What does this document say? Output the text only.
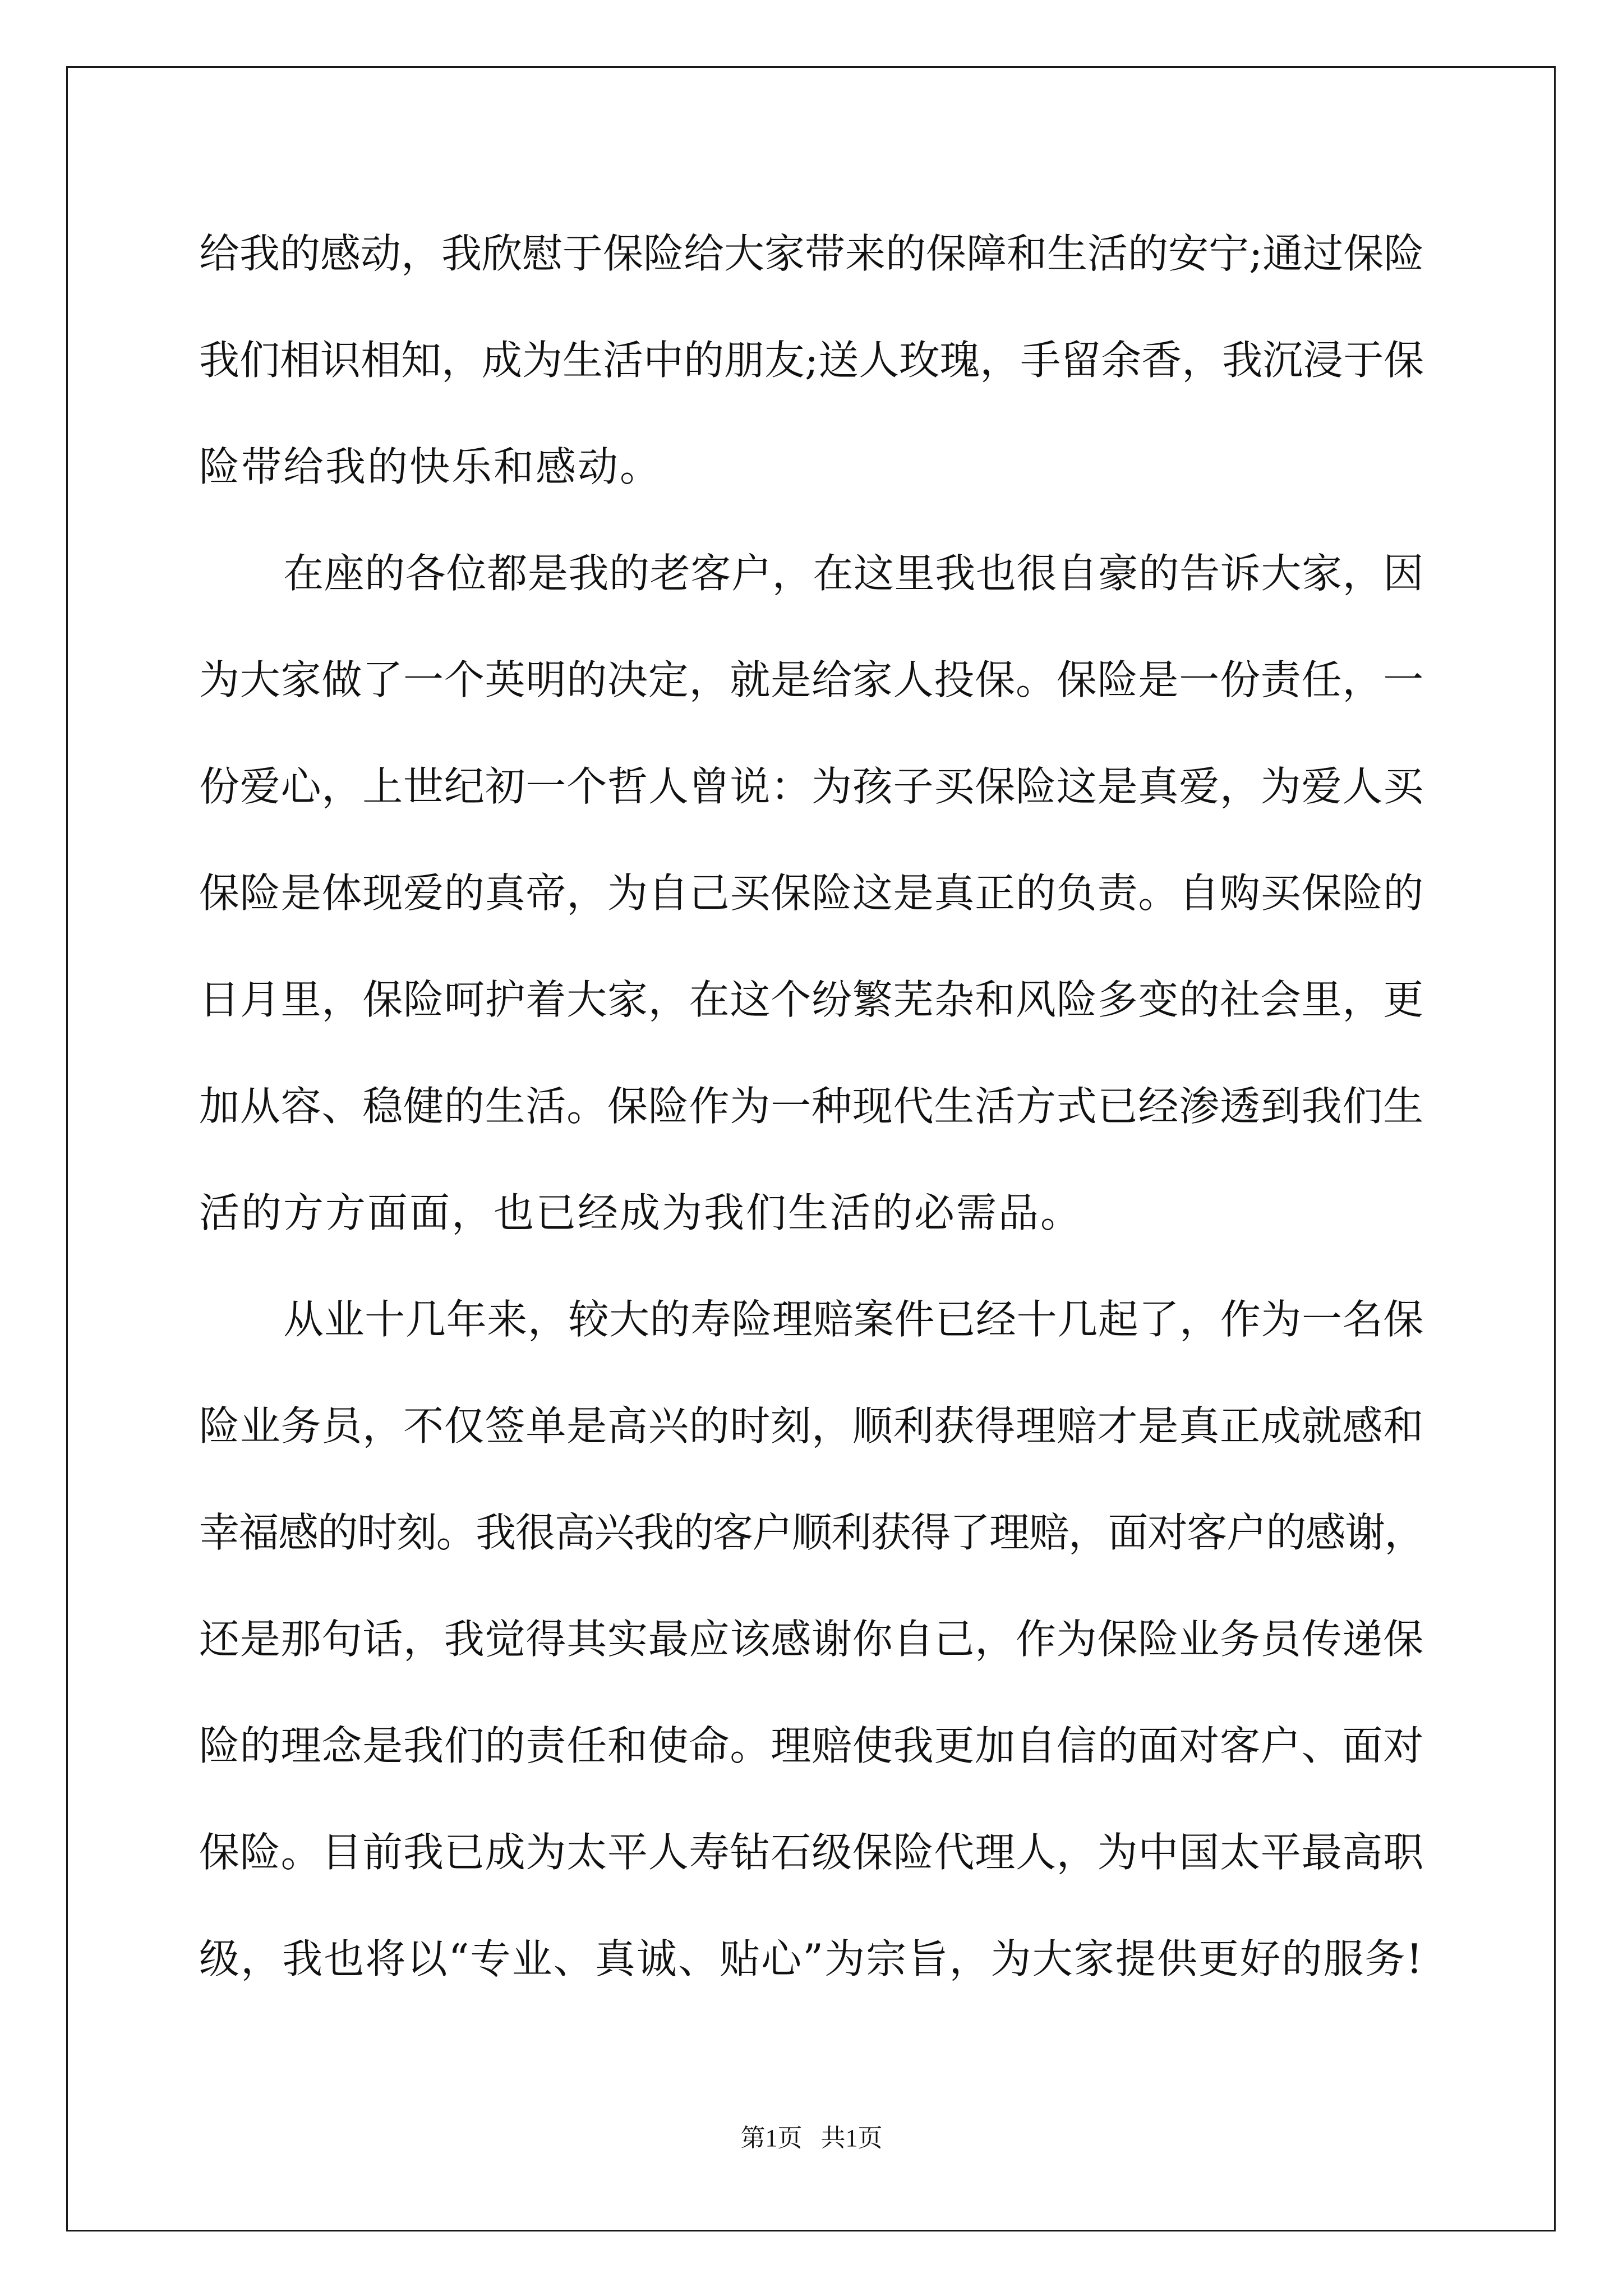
给我的感动，我欣慰于保险给大家带来的保障和生活的安宁;通过保险
我们相识相知，成为生活中的朋友;送人玫瑰，手留余香，我沉浸于保
险带给我的快乐和感动。
在座的各位都是我的老客户，在这里我也很自豪的告诉大家，因
为大家做了一个英明的决定，就是给家人投保。保险是一份责任，一
份爱心，上世纪初一个哲人曾说：为孩子买保险这是真爱，为爱人买
保险是体现爱的真帝，为自己买保险这是真正的负责。自购买保险的
日月里，保险呵护着大家，在这个纷繁芜杂和风险多变的社会里，更
加从容、稳健的生活。保险作为一种现代生活方式已经渗透到我们生
活的方方面面，也已经成为我们生活的必需品。
从业十几年来，较大的寿险理赔案件已经十几起了，作为一名保
险业务员，不仅签单是高兴的时刻，顺利获得理赔才是真正成就感和
幸福感的时刻。我很高兴我的客户顺利获得了理赔，面对客户的感谢，
还是那句话，我觉得其实最应该感谢你自己，作为保险业务员传递保
险的理念是我们的责任和使命。理赔使我更加自信的面对客户、面对
保险。目前我已成为太平人寿钻石级保险代理人，为中国太平最高职
级，我也将以“专业、真诚、贴心”为宗旨，为大家提供更好的服务!
第1页   共1页
